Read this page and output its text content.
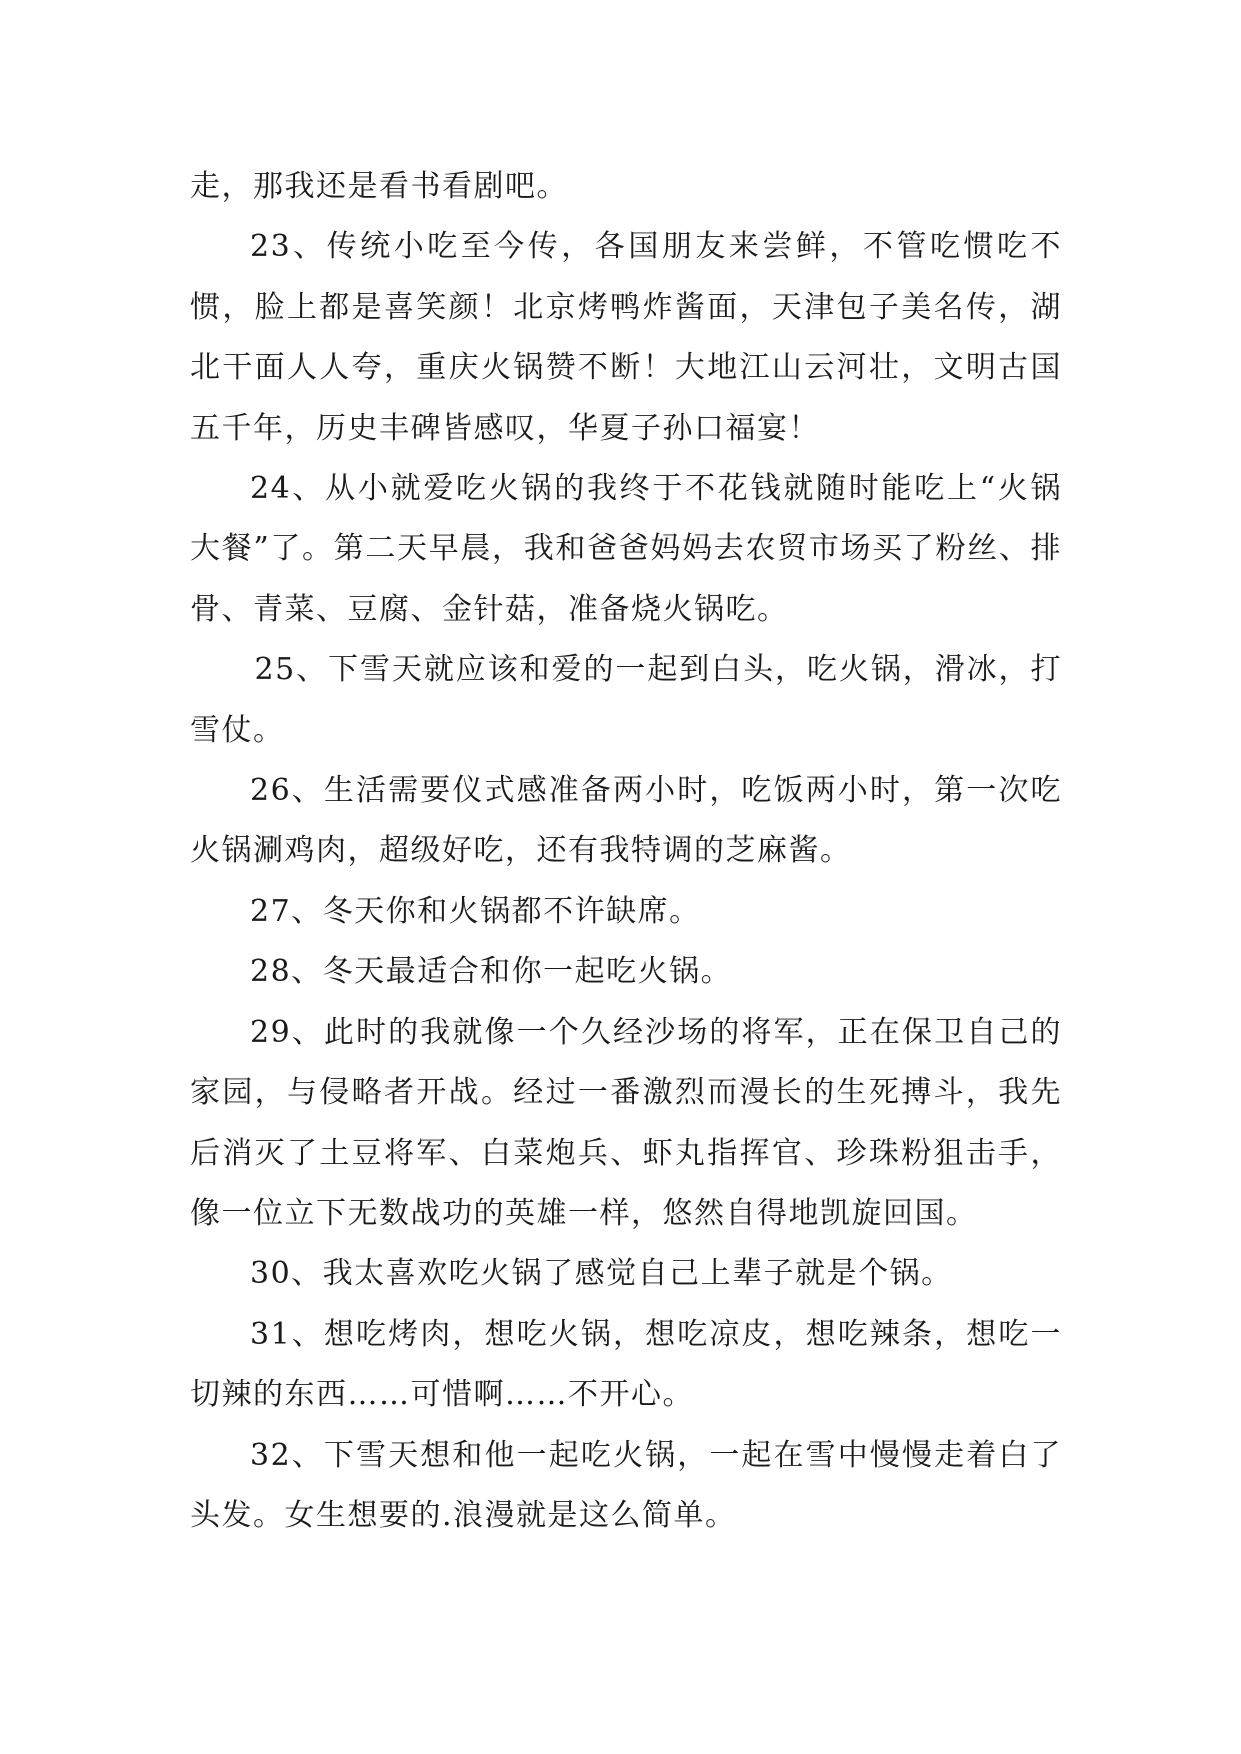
走，那我还是看书看剧吧。

23、传统小吃至今传，各国朋友来尝鲜，不管吃惯吃不惯，脸上都是喜笑颜！北京烤鸭炸酱面，天津包子美名传，湖北干面人人夸，重庆火锅赞不断！大地江山云河壮，文明古国五千年，历史丰碑皆感叹，华夏子孙口福宴！

24、从小就爱吃火锅的我终于不花钱就随时能吃上“火锅大餐”了。第二天早晨，我和爸爸妈妈去农贸市场买了粉丝、排骨、青菜、豆腐、金针菇，准备烧火锅吃。

25、下雪天就应该和爱的一起到白头，吃火锅，滑冰，打雪仗。

26、生活需要仪式感准备两小时，吃饭两小时，第一次吃火锅涮鸡肉，超级好吃，还有我特调的芝麻酱。

27、冬天你和火锅都不许缺席。

28、冬天最适合和你一起吃火锅。

29、此时的我就像一个久经沙场的将军，正在保卫自己的家园，与侵略者开战。经过一番激烈而漫长的生死搏斗，我先后消灭了土豆将军、白菜炮兵、虾丸指挥官、珍珠粉狙击手，像一位立下无数战功的英雄一样，悠然自得地凯旋回国。

30、我太喜欢吃火锅了感觉自己上辈子就是个锅。

31、想吃烤肉，想吃火锅，想吃凉皮，想吃辣条，想吃一切辣的东西……可惜啊……不开心。

32、下雪天想和他一起吃火锅，一起在雪中慢慢走着白了头发。女生想要的.浪漫就是这么简单。
